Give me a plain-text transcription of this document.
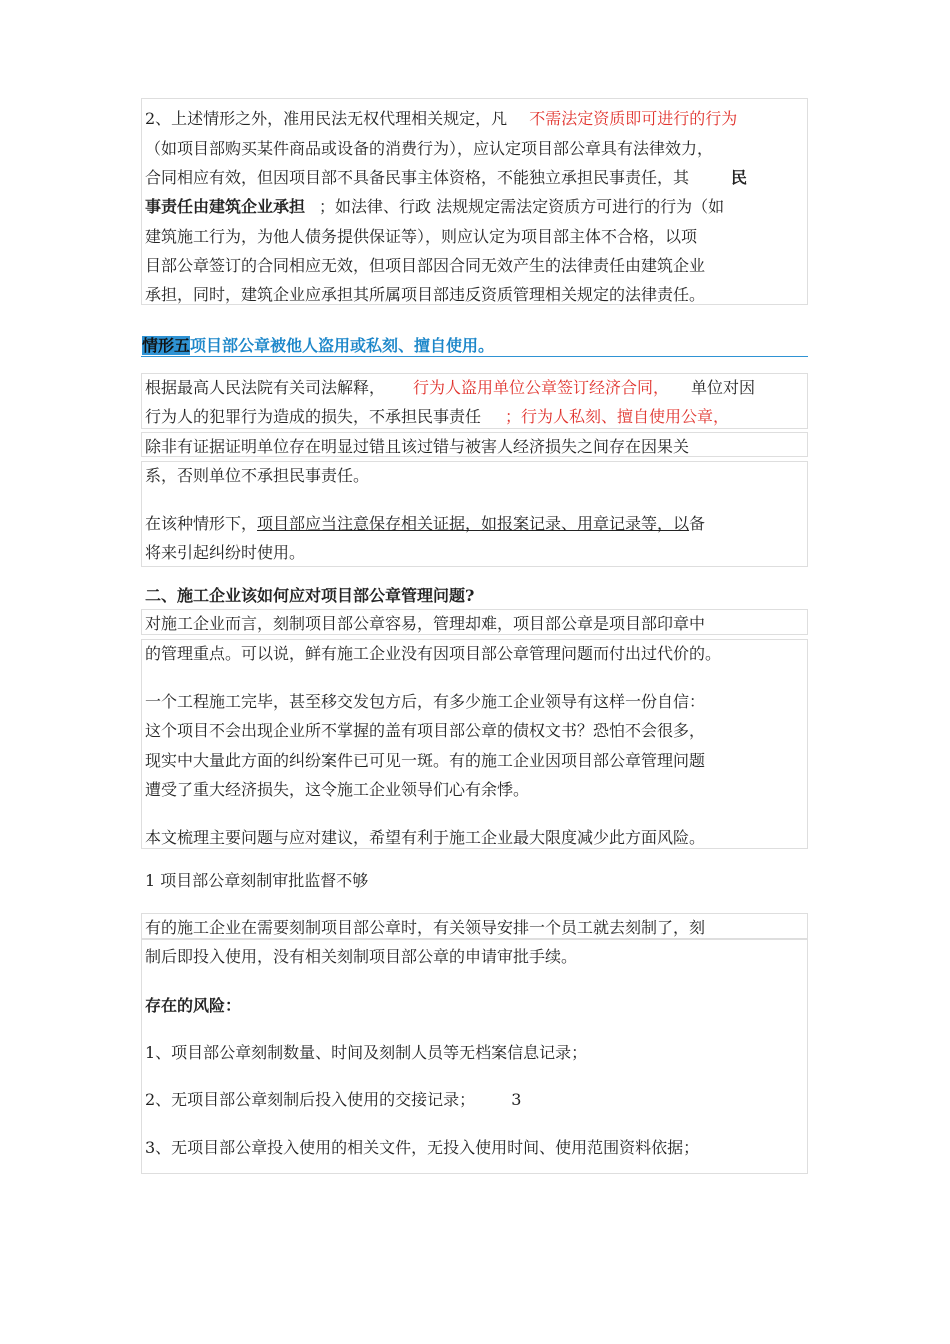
2、上述情形之外，准用民法无权代理相关规定，凡 不需法定资质即可进行的行为
（如项目部购买某件商品或设备的消费行为），应认定项目部公章具有法律效力，
合同相应有效，但因项目部不具备民事主体资格，不能独立承担民事责任，其	民
事责任由建筑企业承担 ；如法律、行政 法规规定需法定资质方可进行的行为（如
建筑施工行为，为他人债务提供保证等），则应认定为项目部主体不合格，以项
目部公章签订的合同相应无效，但项目部因合同无效产生的法律责任由建筑企业
承担，同时，建筑企业应承担其所属项目部违反资质管理相关规定的法律责任。
情形五项目部公章被他人盗用或私刻、擅自使用。
根据最高人民法院有关司法解释， 行为人盗用单位公章签订经济合同， 单位对因
行为人的犯罪行为造成的损失，不承担民事责任 ；行为人私刻、擅自使用公章，
除非有证据证明单位存在明显过错且该过错与被害人经济损失之间存在因果关
系，否则单位不承担民事责任。
在该种情形下，项目部应当注意保存相关证据，如报案记录、用章记录等，以备
将来引起纠纷时使用。
二、施工企业该如何应对项目部公章管理问题?
对施工企业而言，刻制项目部公章容易，管理却难，项目部公章是项目部印章中
的管理重点。可以说，鲜有施工企业没有因项目部公章管理问题而付出过代价的。
一个工程施工完毕，甚至移交发包方后，有多少施工企业领导有这样一份自信：
这个项目不会出现企业所不掌握的盖有项目部公章的债权文书？恐怕不会很多，
现实中大量此方面的纠纷案件已可见一斑。有的施工企业因项目部公章管理问题
遭受了重大经济损失，这令施工企业领导们心有余悸。
本文梳理主要问题与应对建议，希望有利于施工企业最大限度减少此方面风险。
1 项目部公章刻制审批监督不够
有的施工企业在需要刻制项目部公章时，有关领导安排一个员工就去刻制了，刻
制后即投入使用，没有相关刻制项目部公章的申请审批手续。
存在的风险：
1、项目部公章刻制数量、时间及刻制人员等无档案信息记录；
2、无项目部公章刻制后投入使用的交接记录； 3
3、无项目部公章投入使用的相关文件，无投入使用时间、使用范围资料依据；
